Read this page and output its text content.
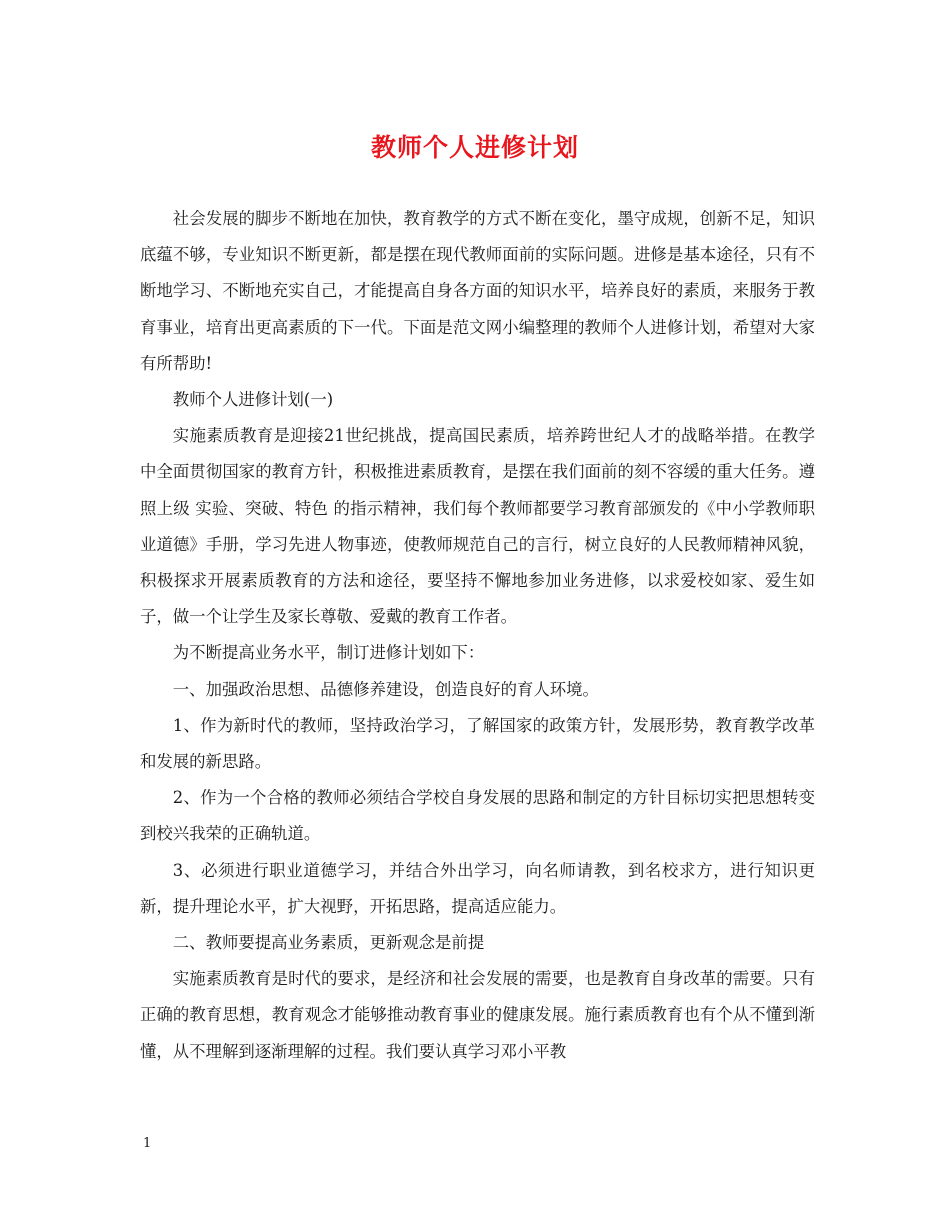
教师个人进修计划

社会发展的脚步不断地在加快，教育教学的方式不断在变化，墨守成规，创新不足，知识底蕴不够，专业知识不断更新，都是摆在现代教师面前的实际问题。进修是基本途径，只有不断地学习、不断地充实自己，才能提高自身各方面的知识水平，培养良好的素质，来服务于教育事业，培育出更高素质的下一代。下面是范文网小编整理的教师个人进修计划，希望对大家有所帮助!

教师个人进修计划(一)

实施素质教育是迎接21世纪挑战，提高国民素质，培养跨世纪人才的战略举措。在教学中全面贯彻国家的教育方针，积极推进素质教育，是摆在我们面前的刻不容缓的重大任务。遵照上级 实验、突破、特色 的指示精神，我们每个教师都要学习教育部颁发的《中小学教师职业道德》手册，学习先进人物事迹，使教师规范自己的言行，树立良好的人民教师精神风貌，积极探求开展素质教育的方法和途径，要坚持不懈地参加业务进修，以求爱校如家、爱生如子，做一个让学生及家长尊敬、爱戴的教育工作者。

为不断提高业务水平，制订进修计划如下：

一、加强政治思想、品德修养建设，创造良好的育人环境。

1、作为新时代的教师，坚持政治学习，了解国家的政策方针，发展形势，教育教学改革和发展的新思路。

2、作为一个合格的教师必须结合学校自身发展的思路和制定的方针目标切实把思想转变到校兴我荣的正确轨道。

3、必须进行职业道德学习，并结合外出学习，向名师请教，到名校求方，进行知识更新，提升理论水平，扩大视野，开拓思路，提高适应能力。

二、教师要提高业务素质，更新观念是前提

实施素质教育是时代的要求，是经济和社会发展的需要，也是教育自身改革的需要。只有正确的教育思想，教育观念才能够推动教育事业的健康发展。施行素质教育也有个从不懂到渐懂，从不理解到逐渐理解的过程。我们要认真学习邓小平教

1
